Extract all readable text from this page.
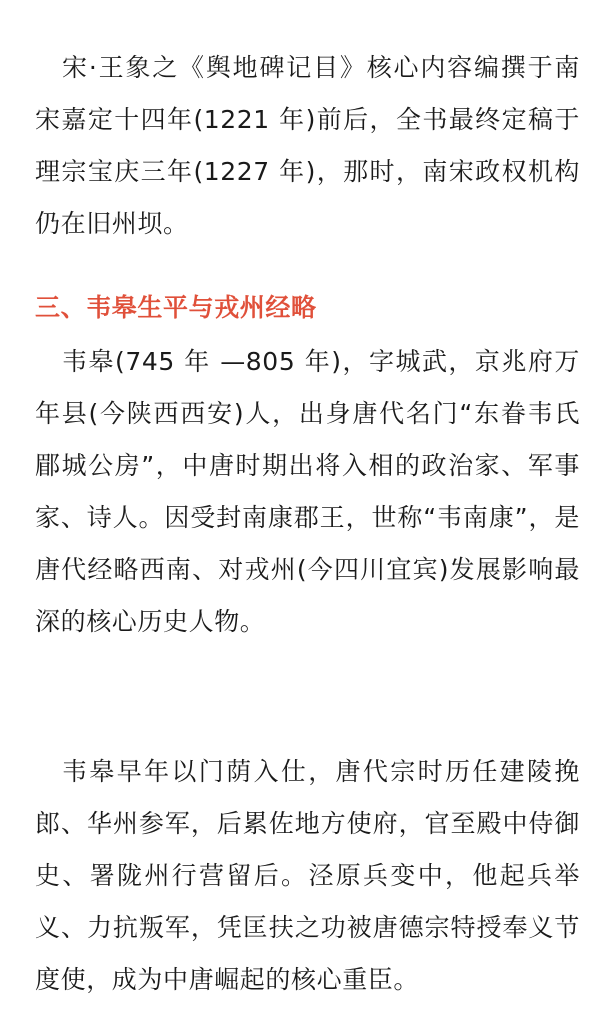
宋·王象之《舆地碑记目》核心内容编撰于南宋嘉定十四年(1221 年)前后，全书最终定稿于理宗宝庆三年(1227 年)，那时，南宋政权机构仍在旧州坝。

三、韦皋生平与戎州经略

韦皋(745 年 —805 年)，字城武，京兆府万年县(今陕西西安)人，出身唐代名门“东眷韦氏郿城公房”，中唐时期出将入相的政治家、军事家、诗人。因受封南康郡王，世称“韦南康”，是唐代经略西南、对戎州(今四川宜宾)发展影响最深的核心历史人物。

韦皋早年以门荫入仕，唐代宗时历任建陵挽郎、华州参军，后累佐地方使府，官至殿中侍御史、署陇州行营留后。泾原兵变中，他起兵举义、力抗叛军，凭匡扶之功被唐德宗特授奉义节度使，成为中唐崛起的核心重臣。
